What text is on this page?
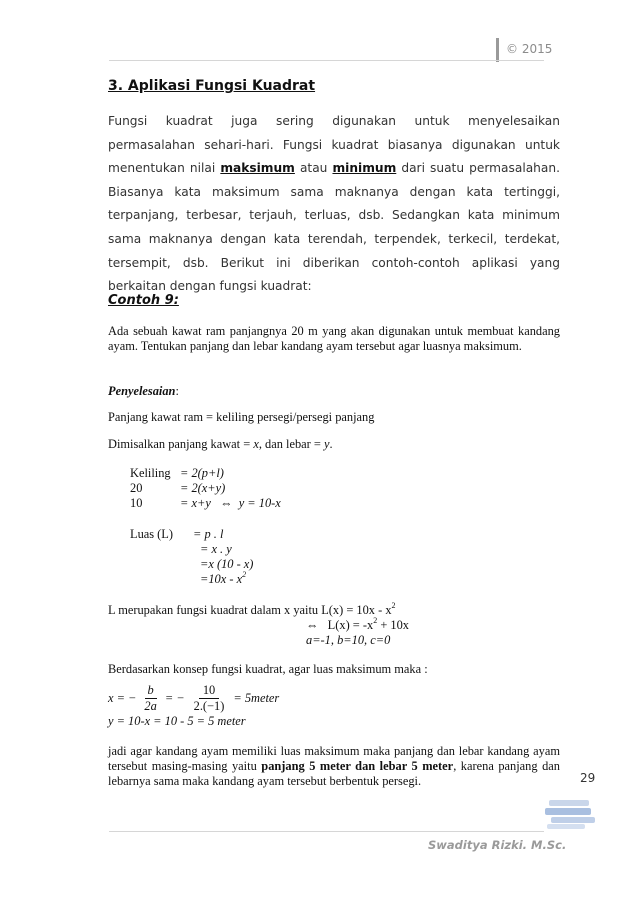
© 2015
3. Aplikasi Fungsi Kuadrat
Fungsi kuadrat juga sering digunakan untuk menyelesaikan permasalahan sehari-hari. Fungsi kuadrat biasanya digunakan untuk menentukan nilai maksimum atau minimum dari suatu permasalahan. Biasanya kata maksimum sama maknanya dengan kata tertinggi, terpanjang, terbesar, terjauh, terluas, dsb. Sedangkan kata minimum sama maknanya dengan kata terendah, terpendek, terkecil, terdekat, tersempit, dsb. Berikut ini diberikan contoh-contoh aplikasi yang berkaitan dengan fungsi kuadrat:
Contoh 9:
Ada sebuah kawat ram panjangnya 20 m yang akan digunakan untuk membuat kandang ayam. Tentukan panjang dan lebar kandang ayam tersebut agar luasnya maksimum.
Penyelesaian:
Panjang kawat ram = keliling persegi/persegi panjang
Dimisalkan panjang kawat = x, dan lebar = y.
Keliling = 2(p+l)
20	= 2(x+y)
10	= x+y   ⇔  y = 10-x
Luas (L) = p . l
= x . y
=x (10 - x)
$=10x - x^2$
L merupakan fungsi kuadrat dalam x yaitu $L(x) = 10x - x^2$
⇔   $L(x) = -x^2 + 10x$
a=-1, b=10, c=0
Berdasarkan konsep fungsi kuadrat, agar luas maksimum maka :
x = − $\frac{b}{2a}$ = − $\frac{10}{2.(-1)}$ = 5meter
y = 10-x = 10 - 5 = 5 meter
jadi agar kandang ayam memiliki luas maksimum maka panjang dan lebar kandang ayam tersebut masing-masing yaitu panjang 5 meter dan lebar 5 meter, karena panjang dan lebarnya sama maka kandang ayam tersebut berbentuk persegi.	29
Swaditya Rizki. M.Sc.
